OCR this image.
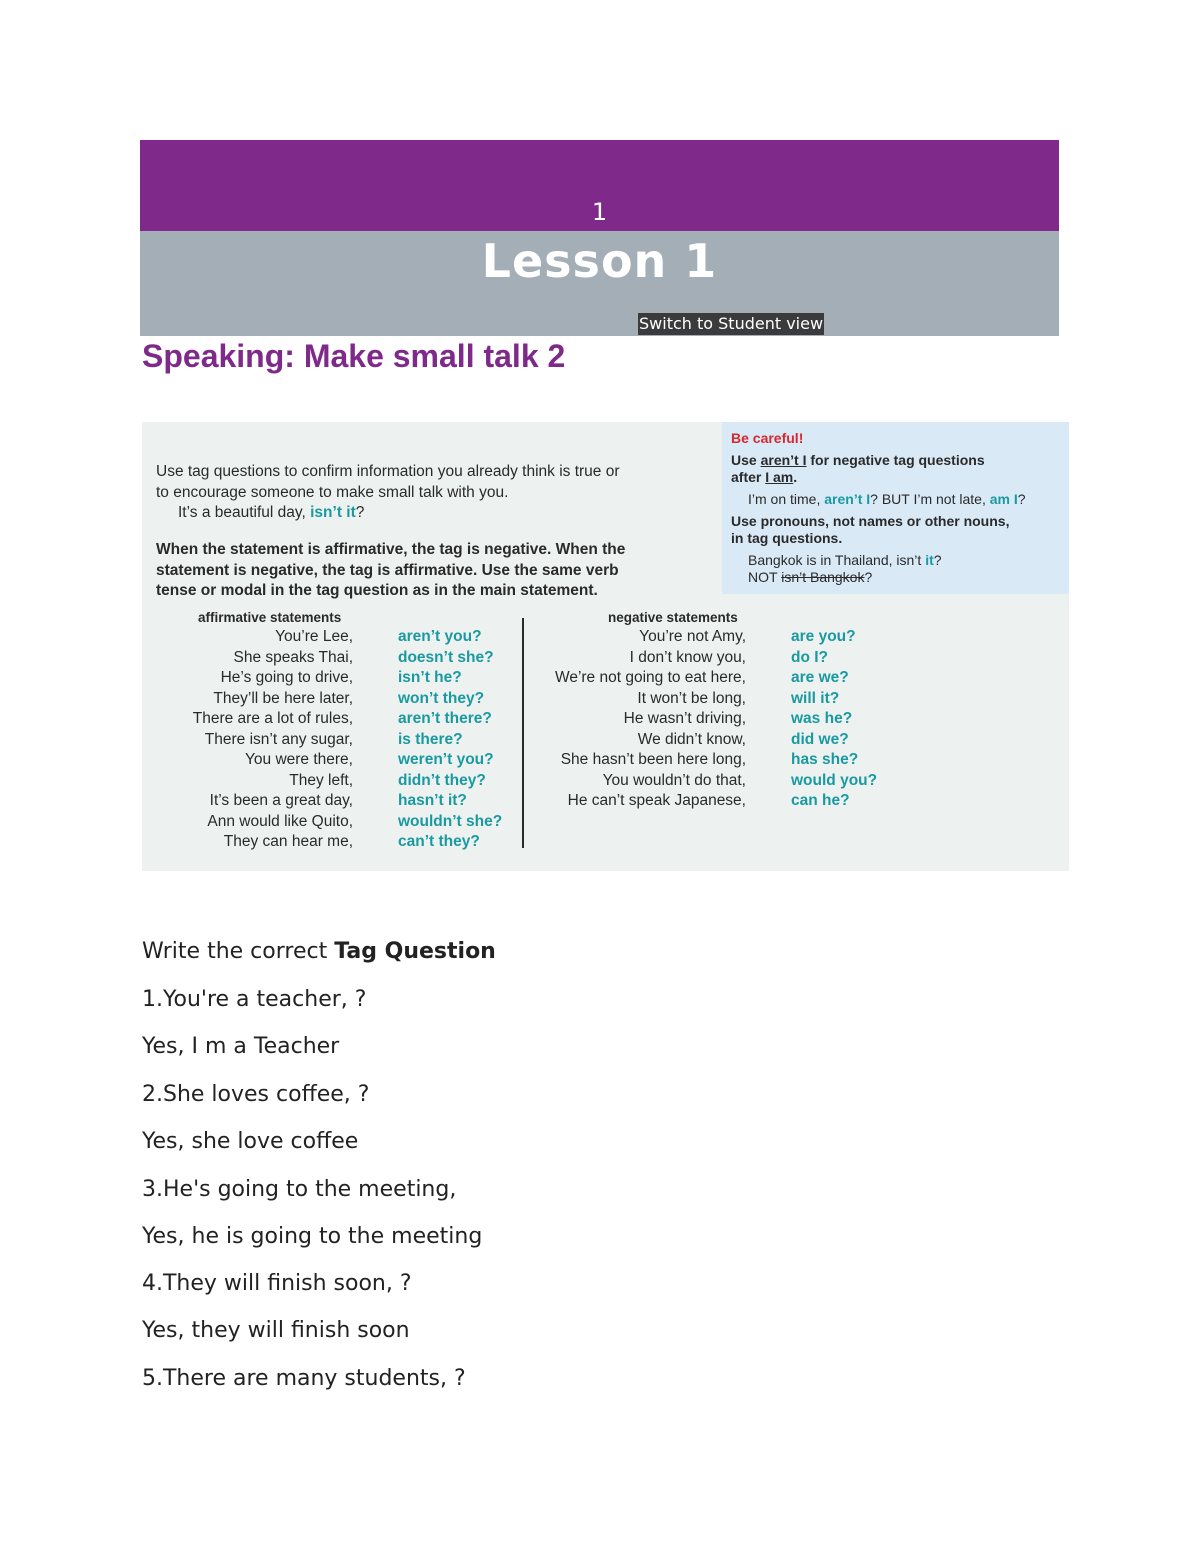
1
Lesson 1
Switch to Student view
Speaking: Make small talk 2
Be careful!
Use aren’t I for negative tag questions
after I am.
I’m on time, aren’t I? BUT I’m not late, am I?
Use pronouns, not names or other nouns,
in tag questions.
Bangkok is in Thailand, isn’t it?
NOT isn’t Bangkok?
Use tag questions to confirm information you already think is true or
to encourage someone to make small talk with you.
It’s a beautiful day, isn’t it?
When the statement is affirmative, the tag is negative. When the
statement is negative, the tag is affirmative. Use the same verb
tense or modal in the tag question as in the main statement.
affirmative statements	negative statements
You’re Lee,
She speaks Thai,
He’s going to drive,
They’ll be here later,
There are a lot of rules,
There isn’t any sugar,
You were there,
They left,
It’s been a great day,
Ann would like Quito,
They can hear me,
aren’t you?
doesn’t she?
isn’t he?
won’t they?
aren’t there?
is there?
weren’t you?
didn’t they?
hasn’t it?
wouldn’t she?
can’t they?
You’re not Amy,
I don’t know you,
We’re not going to eat here,
It won’t be long,
He wasn’t driving,
We didn’t know,
She hasn’t been here long,
You wouldn’t do that,
He can’t speak Japanese,
are you?
do I?
are we?
will it?
was he?
did we?
has she?
would you?
can he?
Write the correct Tag Question
1.You're a teacher, ?
Yes, I m a Teacher
2.She loves coffee, ?
Yes, she love coffee
3.He's going to the meeting,
Yes, he is going to the meeting
4.They will finish soon, ?
Yes, they will finish soon
5.There are many students, ?
